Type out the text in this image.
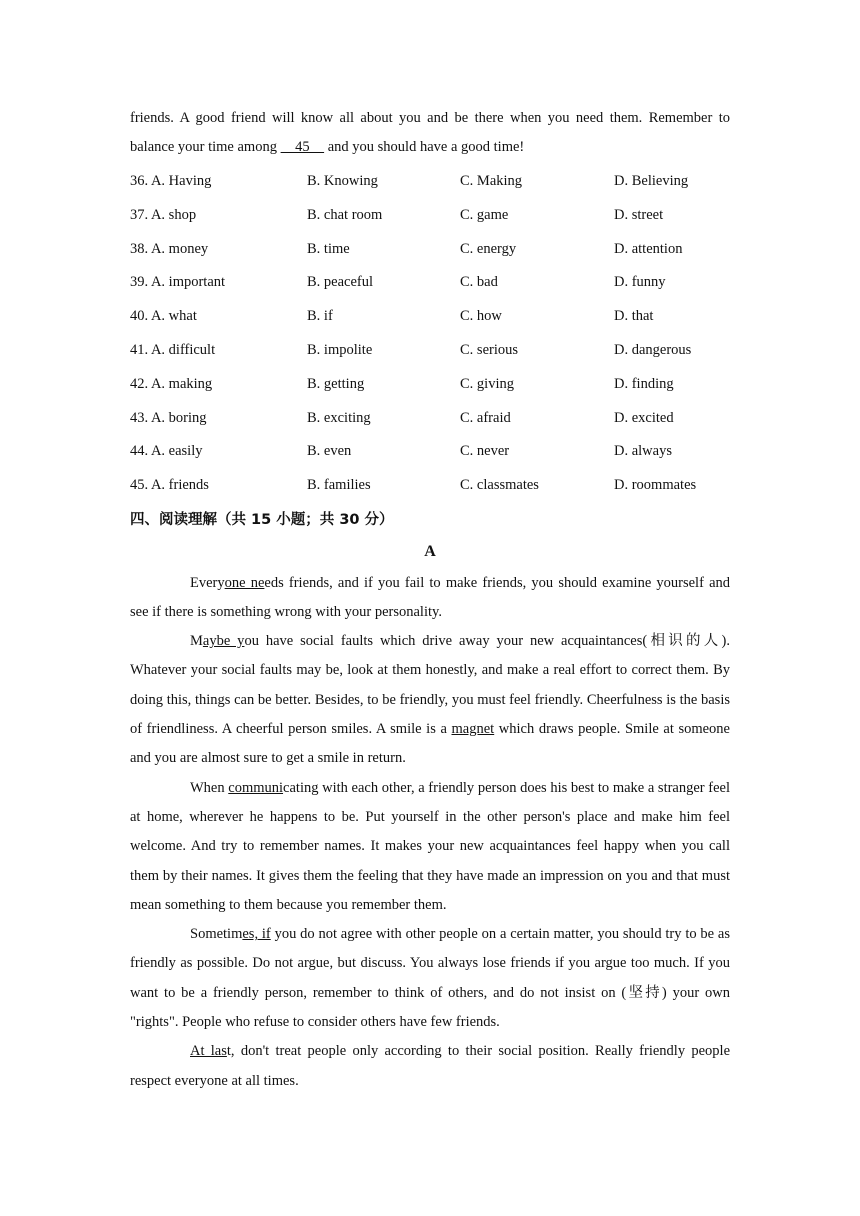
friends. A good friend will know all about you and be there when you need them. Remember to balance your time among     45     and you should have a good time!

36. A. Having	B. Knowing	C. Making	D. Believing
37. A. shop	B. chat room	C. game	D. street
38. A. money	B. time	C. energy	D. attention
39. A. important	B. peaceful	C. bad	D. funny
40. A. what	B. if	C. how	D. that
41. A. difficult	B. impolite	C. serious	D. dangerous
42. A. making	B. getting	C. giving	D. finding
43. A. boring	B. exciting	C. afraid	D. excited
44. A. easily	B. even	C. never	D. always
45. A. friends	B. families	C. classmates	D. roommates
四、阅读理解（共 15 小题；共 30 分）
A

Everyone needs friends, and if you fail to make friends, you should examine yourself and see if there is something wrong with your personality.

Maybe you have social faults which drive away your new acquaintances(相识的人). Whatever your social faults may be, look at them honestly, and make a real effort to correct them. By doing this, things can be better. Besides, to be friendly, you must feel friendly. Cheerfulness is the basis of friendliness. A cheerful person smiles. A smile is a magnet which draws people. Smile at someone and you are almost sure to get a smile in return.

When communicating with each other, a friendly person does his best to make a stranger feel at home, wherever he happens to be. Put yourself in the other person's place and make him feel welcome. And try to remember names. It makes your new acquaintances feel happy when you call them by their names. It gives them the feeling that they have made an impression on you and that must mean something to them because you remember them.

Sometimes, if you do not agree with other people on a certain matter, you should try to be as friendly as possible. Do not argue, but discuss. You always lose friends if you argue too much. If you want to be a friendly person, remember to think of others, and do not insist on (坚持) your own "rights". People who refuse to consider others have few friends.

At last, don't treat people only according to their social position. Really friendly people respect everyone at all times.
